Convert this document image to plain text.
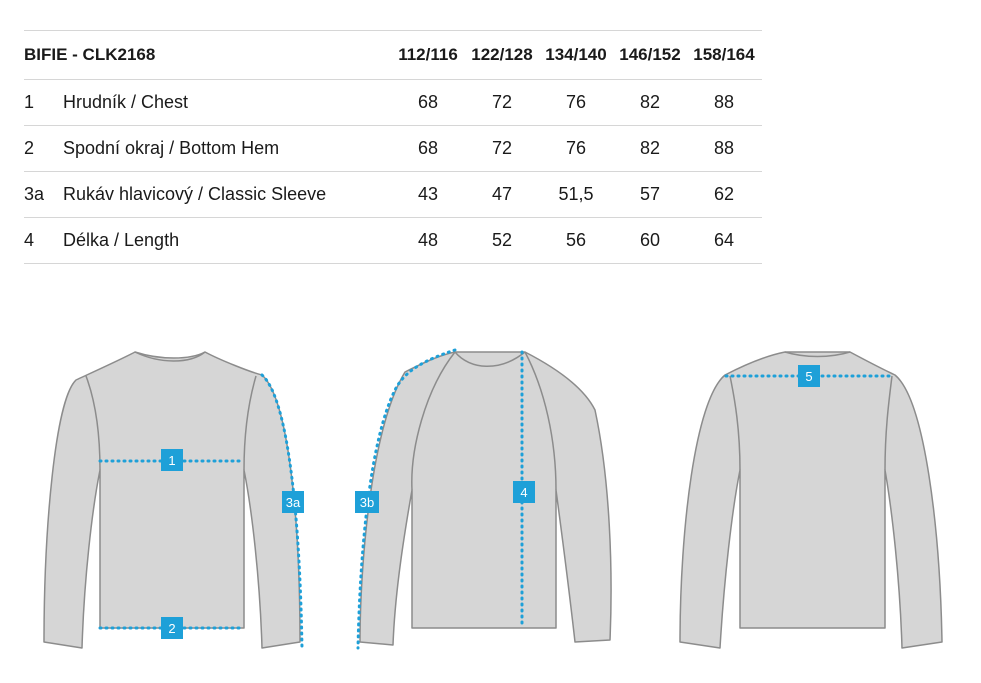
BIFIE - CLK2168	112/116 122/128 134/140 146/152 158/164
1	Hrudník / Chest	68	72	76	82	88
2	Spodní okraj / Bottom Hem	68	72	76	82	88
3a	Rukáv hlavicový / Classic Sleeve	43	47	51,5	57	62
4	Délka / Length	48	52	56	60	64
1
2
3a	3b
4
5
